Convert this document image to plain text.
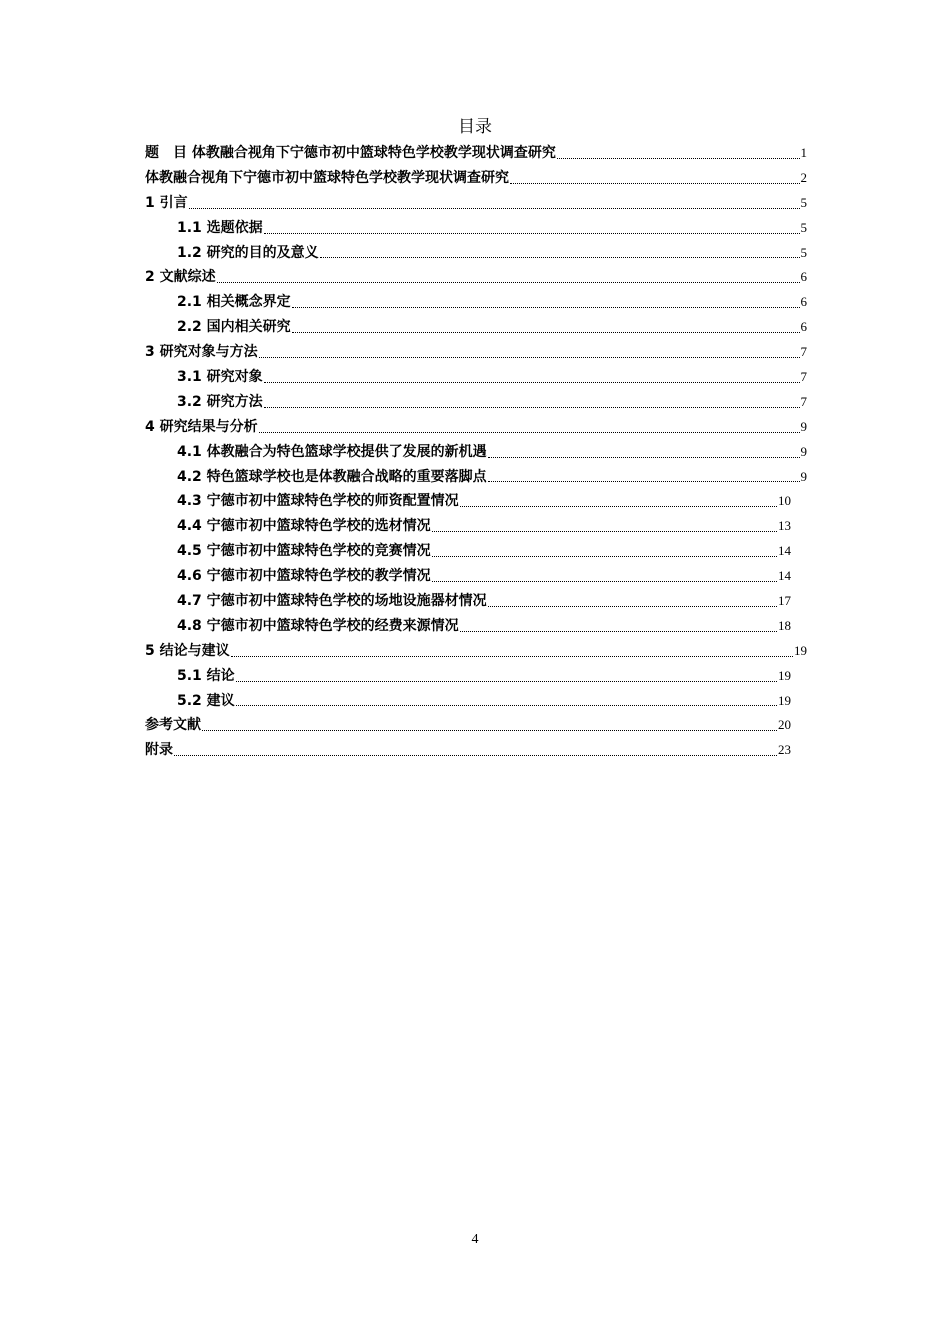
目录
题　目 体教融合视角下宁德市初中篮球特色学校教学现状调查研究	1
体教融合视角下宁德市初中篮球特色学校教学现状调查研究	2
1 引言	5
1.1 选题依据	5
1.2 研究的目的及意义	5
2 文献综述	6
2.1 相关概念界定	6
2.2 国内相关研究	6
3 研究对象与方法	7
3.1 研究对象	7
3.2 研究方法	7
4 研究结果与分析	9
4.1 体教融合为特色篮球学校提供了发展的新机遇	9
4.2 特色篮球学校也是体教融合战略的重要落脚点	9
4.3 宁德市初中篮球特色学校的师资配置情况	10
4.4 宁德市初中篮球特色学校的选材情况	13
4.5 宁德市初中篮球特色学校的竞赛情况	14
4.6 宁德市初中篮球特色学校的教学情况	14
4.7 宁德市初中篮球特色学校的场地设施器材情况	17
4.8 宁德市初中篮球特色学校的经费来源情况	18
5 结论与建议	19
5.1 结论	19
5.2 建议	19
参考文献	20
附录	23
4
